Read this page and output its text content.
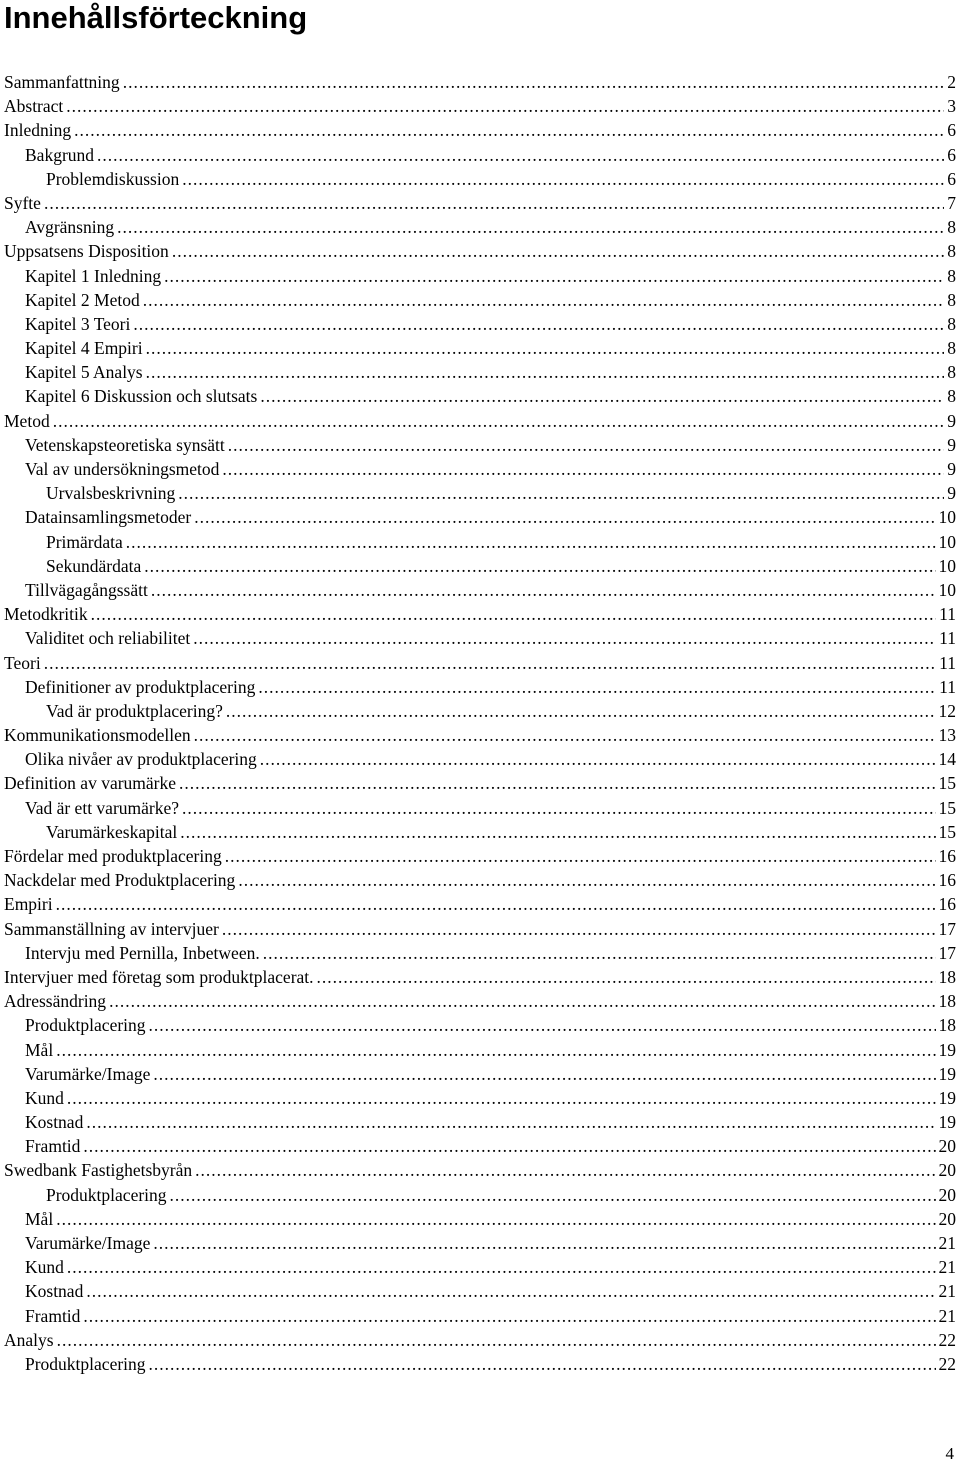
Innehållsförteckning
Sammanfattning .....	2
Abstract .....	3
Inledning .....	6
Bakgrund .....	6
Problemdiskussion .....	6
Syfte .....	7
Avgränsning .....	8
Uppsatsens Disposition .....	8
Kapitel 1 Inledning .....	8
Kapitel 2 Metod .....	8
Kapitel 3 Teori .....	8
Kapitel 4 Empiri .....	8
Kapitel 5 Analys .....	8
Kapitel 6 Diskussion och slutsats .....	8
Metod .....	9
Vetenskapsteoretiska synsätt .....	9
Val av undersökningsmetod .....	9
Urvalsbeskrivning .....	9
Datainsamlingsmetoder .....	10
Primärdata .....	10
Sekundärdata .....	10
Tillvägagångssätt .....	10
Metodkritik .....	11
Validitet och reliabilitet .....	11
Teori .....	11
Definitioner av produktplacering .....	11
Vad är produktplacering? .....	12
Kommunikationsmodellen .....	13
Olika nivåer av produktplacering .....	14
Definition av varumärke .....	15
Vad är ett varumärke? .....	15
Varumärkeskapital .....	15
Fördelar med produktplacering .....	16
Nackdelar med Produktplacering .....	16
Empiri .....	16
Sammanställning av intervjuer .....	17
Intervju med Pernilla, Inbetween. .....	17
Intervjuer med företag som produktplacerat. .....	18
Adressändring .....	18
Produktplacering .....	18
Mål .....	19
Varumärke/Image .....	19
Kund .....	19
Kostnad .....	19
Framtid .....	20
Swedbank Fastighetsbyrån .....	20
Produktplacering .....	20
Mål .....	20
Varumärke/Image .....	21
Kund .....	21
Kostnad .....	21
Framtid .....	21
Analys .....	22
Produktplacering .....	22
4
